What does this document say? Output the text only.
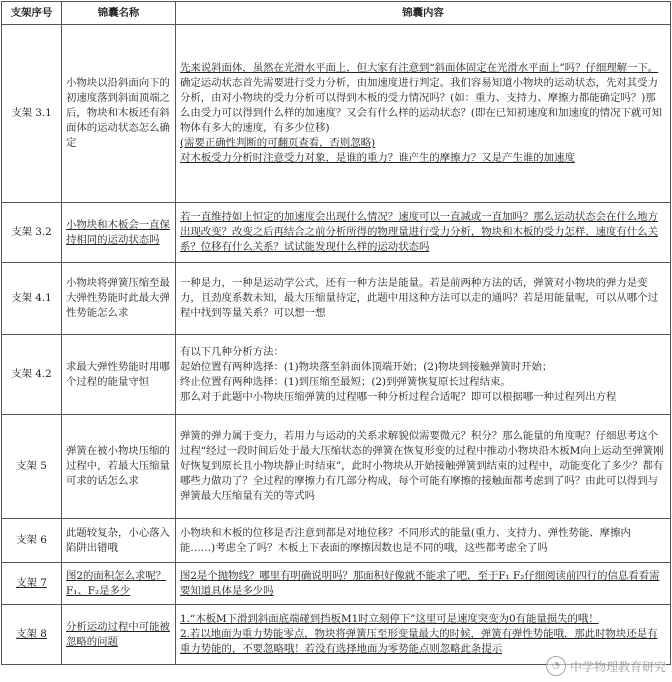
支架序号	锦囊名称	锦囊内容
支架 3.1	小物块以沿斜面向下的初速度落到斜面顶端之后，物块和木板还有斜面体的运动状态怎么确定	先来说斜面体，虽然在光滑水平面上，但大家有注意到“斜面体固定在光滑水平面上”吗？仔细理解一下。
确定运动状态首先需要进行受力分析，由加速度进行判定。我们容易知道小物块的运动状态，先对其受力分析，由对小物块的受力分析可以得到木板的受力情况吗？(如：重力、支持力、摩擦力都能确定吗？)那么由受力可以得到什么样的加速度？又会有什么样的运动状态？(即在已知初速度和加速度的情况下就可知物体有多大的速度，有多少位移)
(需要正确性判断的可翻页查看，否则忽略)
对木板受力分析时注意受力对象，是谁的重力？谁产生的摩擦力？又是产生谁的加速度

支架 3.2	小物块和木板会一直保持相同的运动状态吗	若一直维持如上恒定的加速度会出现什么情况？速度可以一直减或一直加吗？那么运动状态会在什么地方出现改变？改变之后再结合之前分析所得的物理量进行受力分析，物块和木板的受力怎样，速度有什么关系？位移有什么关系？试试能发现什么样的运动状态吗

支架 4.1	小物块将弹簧压缩至最大弹性势能时此最大弹性势能怎么求	一种是力，一种是运动学公式，还有一种方法是能量。若是前两种方法的话，弹簧对小物块的弹力是变力，且劲度系数未知，最大压缩量待定，此题中用这种方法可以走的通吗？若是用能量呢，可以从哪个过程中找到等量关系？可以想一想

支架 4.2	求最大弹性势能时用哪个过程的能量守恒	有以下几种分析方法：
起始位置有两种选择：(1)物块落至斜面体顶端开始；(2)物块到接触弹簧时开始；
终止位置有两种选择：(1)到压缩至最短；(2)到弹簧恢复原长过程结束。
那么对于此题中小物块压缩弹簧的过程哪一种分析过程合适呢？即可以根据哪一种过程列出方程

支架 5	弹簧在被小物块压缩的过程中，若最大压缩量可求的话怎么求	弹簧的弹力属于变力，若用力与运动的关系求解貌似需要微元？积分？那么能量的角度呢？仔细思考这个过程“经过一段时间后处于最大压缩状态的弹簧在恢复形变的过程中推动小物块沿木板M向上运动至弹簧刚好恢复到原长且小物块静止时结束”，此时小物块从开始接触弹簧到结束的过程中，动能变化了多少？都有哪些力做功了？全过程的摩擦力有几部分构成，每个可能有摩擦的接触面都考虑到了吗？由此可以得到与弹簧最大压缩量有关的等式吗

支架 6	此题较复杂，小心落入陷阱出错哦	小物块和木板的位移是否注意到都是对地位移？不同形式的能量(重力、支持力、弹性势能、摩擦内能……)考虑全了吗？木板上下表面的摩擦因数也是不同的哦，这些都考虑全了吗

支架 7	图2的面积怎么求呢？F₁、F₂是多少	图2是个抛物线？哪里有明确说明吗？那面积好像就不能求了吧，至于F₁ F₂仔细阅读前四行的信息看看需要知道具体是多少吗

支架 8	分析运动过程中可能被忽略的问题	1.“木板M下滑到斜面底端碰到挡板M1时立刻停下”这里可是速度突变为0有能量损失的哦！
2.若以地面为重力势能零点，物块将弹簧压至形变量最大的时候，弹簧有弹性势能哦，那此时物块还是有重力势能的，不要忽略哦！若没有选择地面为零势能点则忽略此条提示
◔ 中学物理教育研究
